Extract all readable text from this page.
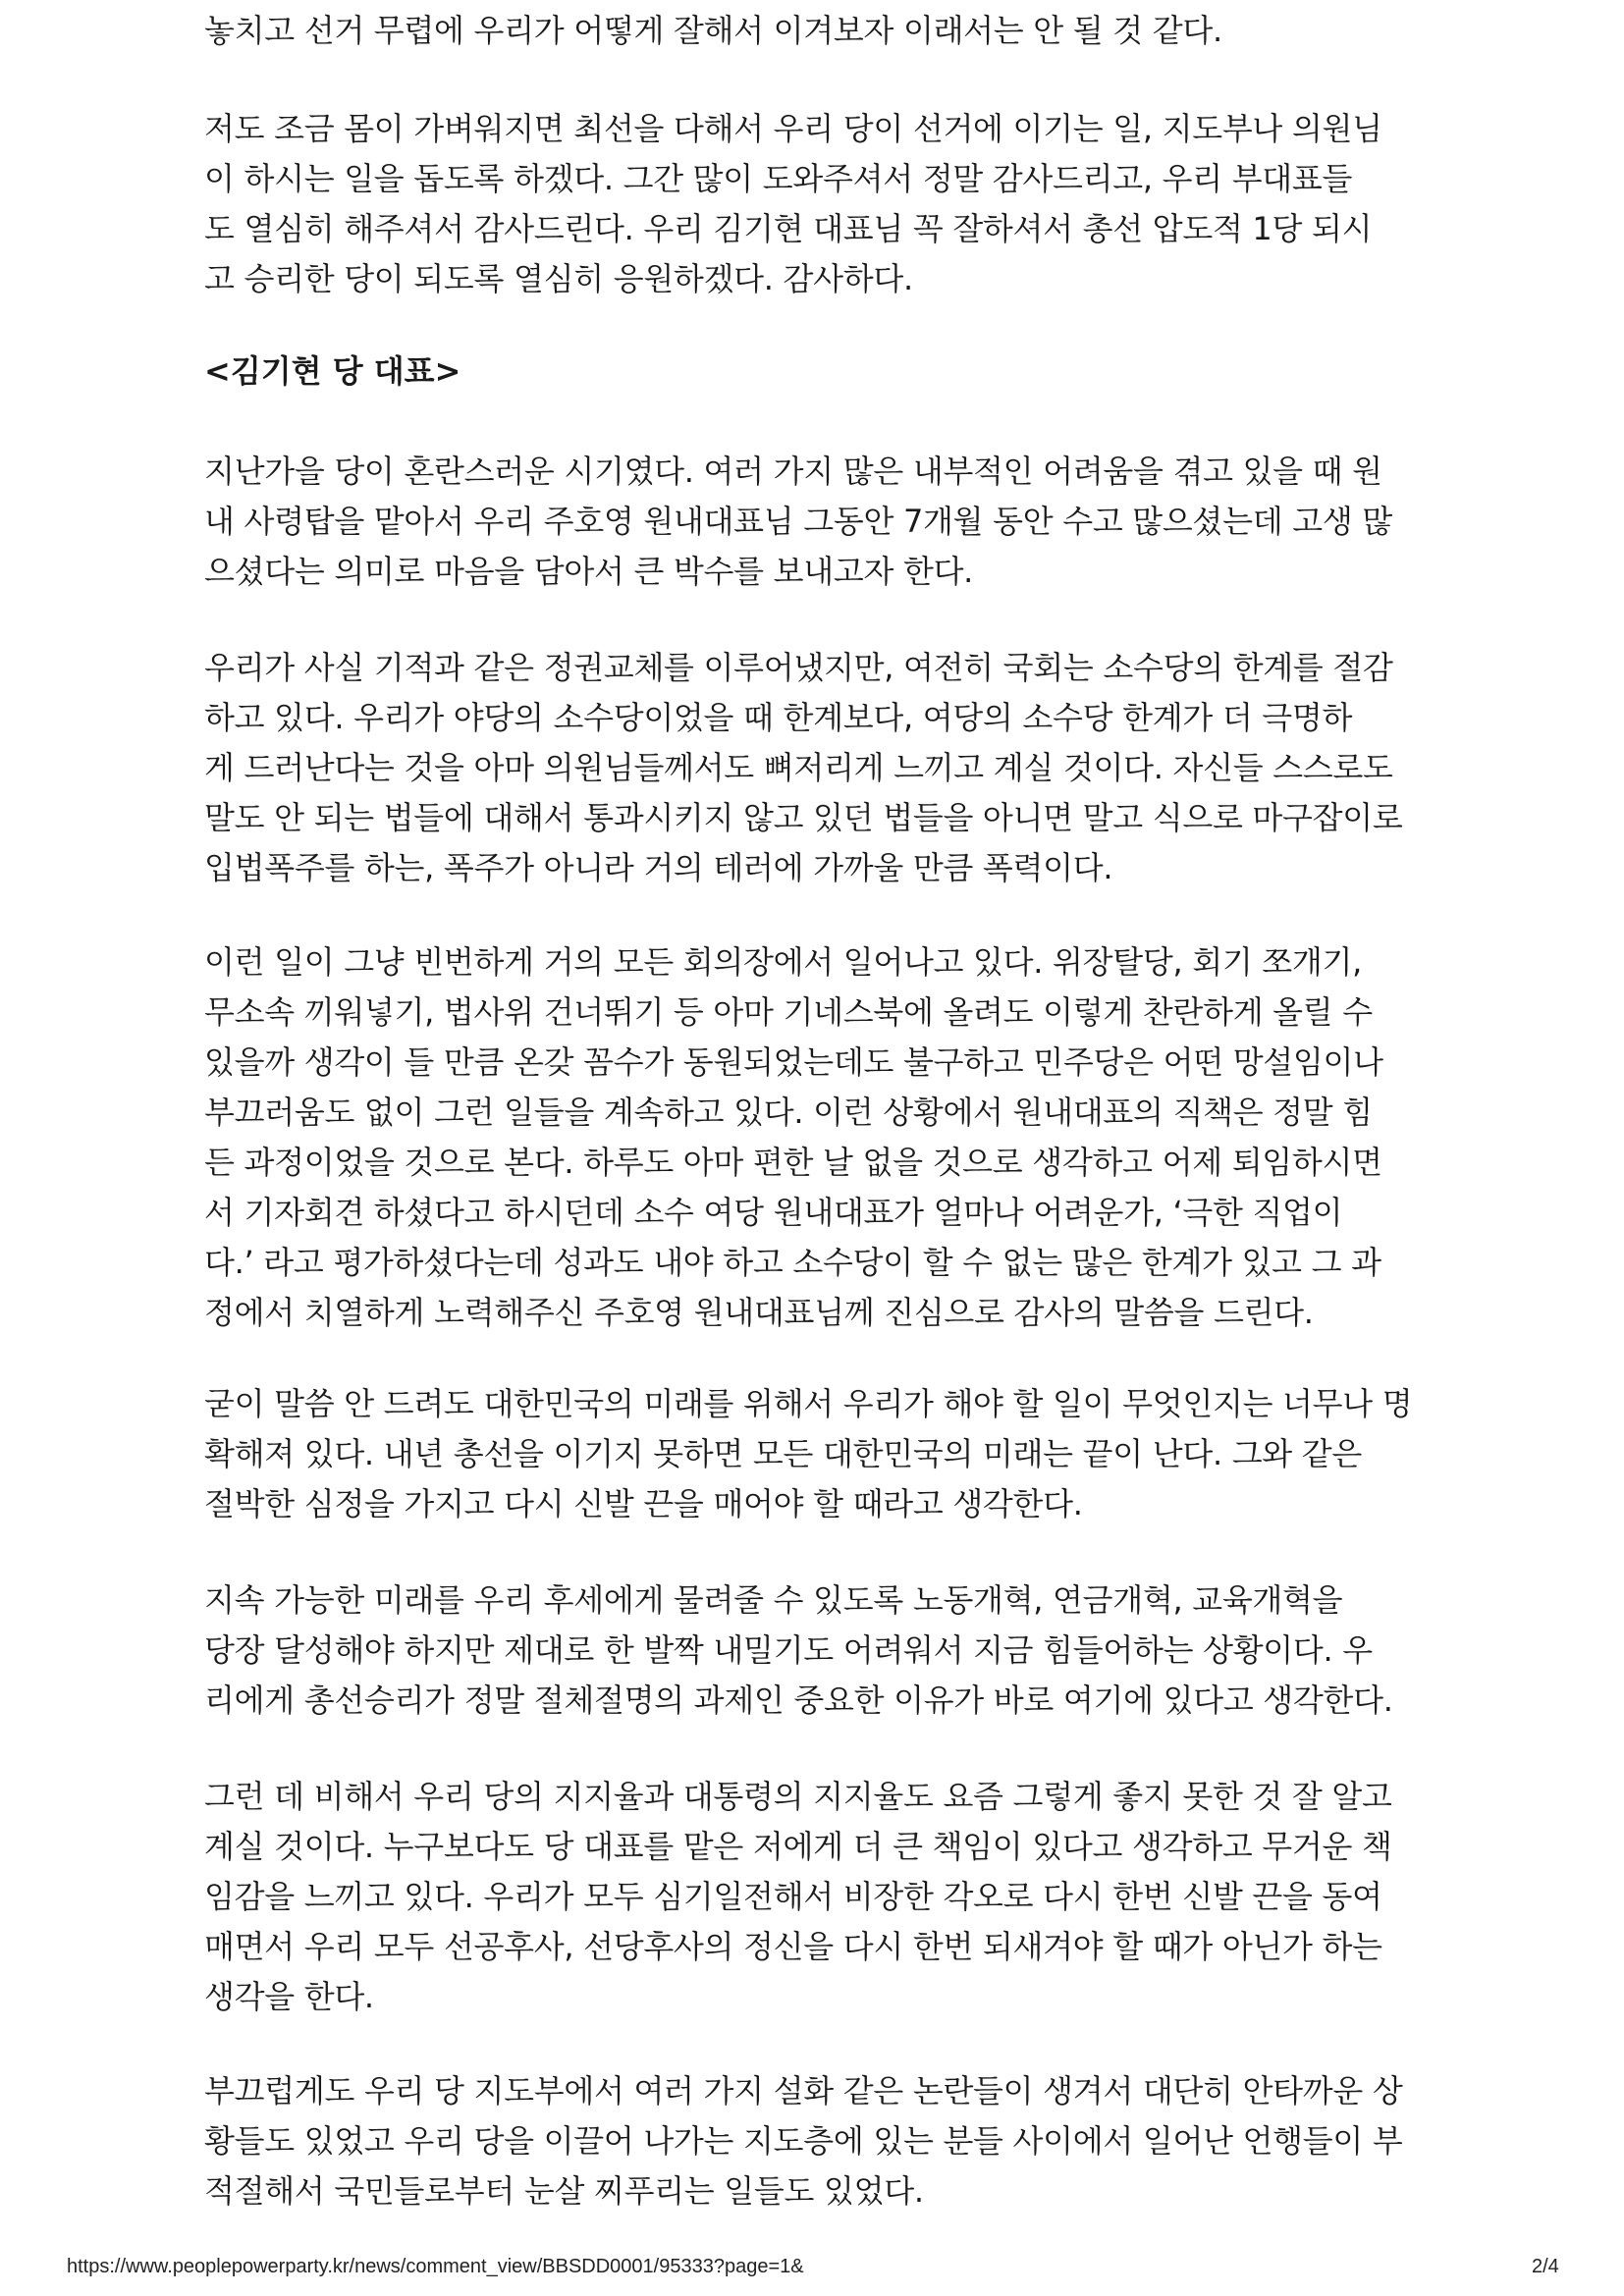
놓치고 선거 무렵에 우리가 어떻게 잘해서 이겨보자 이래서는 안 될 것 같다.

저도 조금 몸이 가벼워지면 최선을 다해서 우리 당이 선거에 이기는 일, 지도부나 의원님
이 하시는 일을 돕도록 하겠다. 그간 많이 도와주셔서 정말 감사드리고, 우리 부대표들
도 열심히 해주셔서 감사드린다. 우리 김기현 대표님 꼭 잘하셔서 총선 압도적 1당 되시
고 승리한 당이 되도록 열심히 응원하겠다. 감사하다.

<김기현 당 대표>

지난가을 당이 혼란스러운 시기였다. 여러 가지 많은 내부적인 어려움을 겪고 있을 때 원
내 사령탑을 맡아서 우리 주호영 원내대표님 그동안 7개월 동안 수고 많으셨는데 고생 많
으셨다는 의미로 마음을 담아서 큰 박수를 보내고자 한다.

우리가 사실 기적과 같은 정권교체를 이루어냈지만, 여전히 국회는 소수당의 한계를 절감
하고 있다. 우리가 야당의 소수당이었을 때 한계보다, 여당의 소수당 한계가 더 극명하
게 드러난다는 것을 아마 의원님들께서도 뼈저리게 느끼고 계실 것이다. 자신들 스스로도
말도 안 되는 법들에 대해서 통과시키지 않고 있던 법들을 아니면 말고 식으로 마구잡이로
입법폭주를 하는, 폭주가 아니라 거의 테러에 가까울 만큼 폭력이다.

이런 일이 그냥 빈번하게 거의 모든 회의장에서 일어나고 있다. 위장탈당, 회기 쪼개기,
무소속 끼워넣기, 법사위 건너뛰기 등 아마 기네스북에 올려도 이렇게 찬란하게 올릴 수
있을까 생각이 들 만큼 온갖 꼼수가 동원되었는데도 불구하고 민주당은 어떤 망설임이나
부끄러움도 없이 그런 일들을 계속하고 있다. 이런 상황에서 원내대표의 직책은 정말 힘
든 과정이었을 것으로 본다. 하루도 아마 편한 날 없을 것으로 생각하고 어제 퇴임하시면
서 기자회견 하셨다고 하시던데 소수 여당 원내대표가 얼마나 어려운가, ‘극한 직업이
다.’ 라고 평가하셨다는데 성과도 내야 하고 소수당이 할 수 없는 많은 한계가 있고 그 과
정에서 치열하게 노력해주신 주호영 원내대표님께 진심으로 감사의 말씀을 드린다.

굳이 말씀 안 드려도 대한민국의 미래를 위해서 우리가 해야 할 일이 무엇인지는 너무나 명
확해져 있다. 내년 총선을 이기지 못하면 모든 대한민국의 미래는 끝이 난다. 그와 같은
절박한 심정을 가지고 다시 신발 끈을 매어야 할 때라고 생각한다.

지속 가능한 미래를 우리 후세에게 물려줄 수 있도록 노동개혁, 연금개혁, 교육개혁을
당장 달성해야 하지만 제대로 한 발짝 내밀기도 어려워서 지금 힘들어하는 상황이다. 우
리에게 총선승리가 정말 절체절명의 과제인 중요한 이유가 바로 여기에 있다고 생각한다.

그런 데 비해서 우리 당의 지지율과 대통령의 지지율도 요즘 그렇게 좋지 못한 것 잘 알고
계실 것이다. 누구보다도 당 대표를 맡은 저에게 더 큰 책임이 있다고 생각하고 무거운 책
임감을 느끼고 있다. 우리가 모두 심기일전해서 비장한 각오로 다시 한번 신발 끈을 동여
매면서 우리 모두 선공후사, 선당후사의 정신을 다시 한번 되새겨야 할 때가 아닌가 하는
생각을 한다.

부끄럽게도 우리 당 지도부에서 여러 가지 설화 같은 논란들이 생겨서 대단히 안타까운 상
황들도 있었고 우리 당을 이끌어 나가는 지도층에 있는 분들 사이에서 일어난 언행들이 부
적절해서 국민들로부터 눈살 찌푸리는 일들도 있었다.

https://www.peoplepowerparty.kr/news/comment_view/BBSDD0001/95333?page=1&	2/4
